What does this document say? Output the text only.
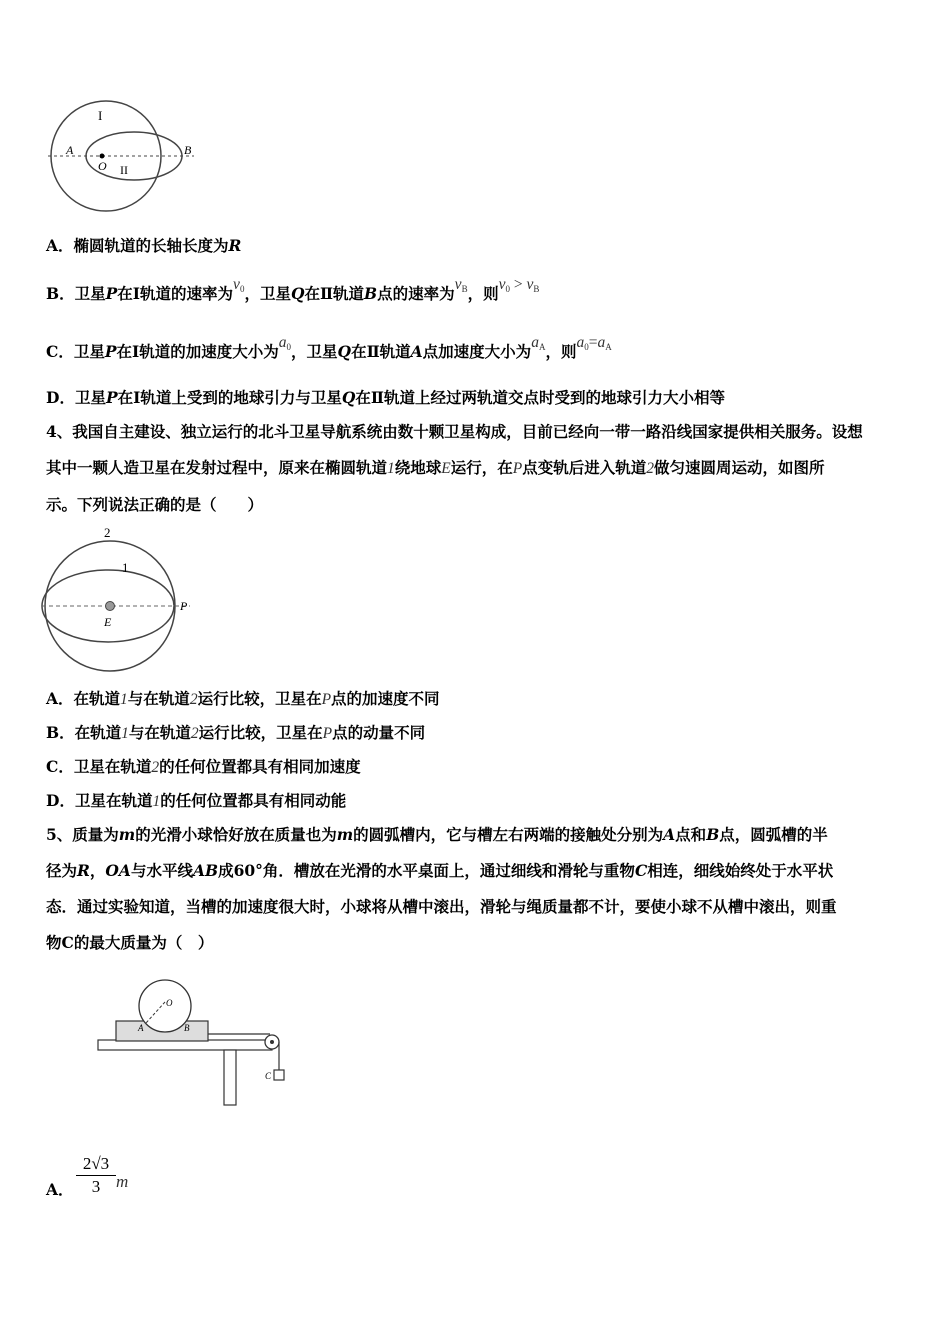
I
II
A	B
O
A．椭圆轨道的长轴长度为R
B．卫星P在Ⅰ轨道的速率为v0，卫星Q在Ⅱ轨道B点的速率为vB，则v0 > vB
C．卫星P在Ⅰ轨道的加速度大小为a0，卫星Q在Ⅱ轨道A点加速度大小为aA，则a0=aA
D．卫星P在Ⅰ轨道上受到的地球引力与卫星Q在Ⅱ轨道上经过两轨道交点时受到的地球引力大小相等
4、我国自主建设、独立运行的北斗卫星导航系统由数十颗卫星构成，目前已经向一带一路沿线国家提供相关服务。设想
其中一颗人造卫星在发射过程中，原来在椭圆轨道1绕地球E运行，在P点变轨后进入轨道2做匀速圆周运动，如图所
示。下列说法正确的是（　　）
2
1
P
E
A．在轨道1与在轨道2运行比较，卫星在P点的加速度不同
B．在轨道1与在轨道2运行比较，卫星在P点的动量不同
C．卫星在轨道2的任何位置都具有相同加速度
D．卫星在轨道1的任何位置都具有相同动能
5、质量为m的光滑小球恰好放在质量也为m的圆弧槽内，它与槽左右两端的接触处分别为A点和B点，圆弧槽的半
径为R，OA与水平线AB成60°角．槽放在光滑的水平桌面上，通过细线和滑轮与重物C相连，细线始终处于水平状
态．通过实验知道，当槽的加速度很大时，小球将从槽中滚出，滑轮与绳质量都不计，要使小球不从槽中滚出，则重
物C的最大质量为（　）
O
A	B
C
A． $\frac{2√3}{3}$ m
